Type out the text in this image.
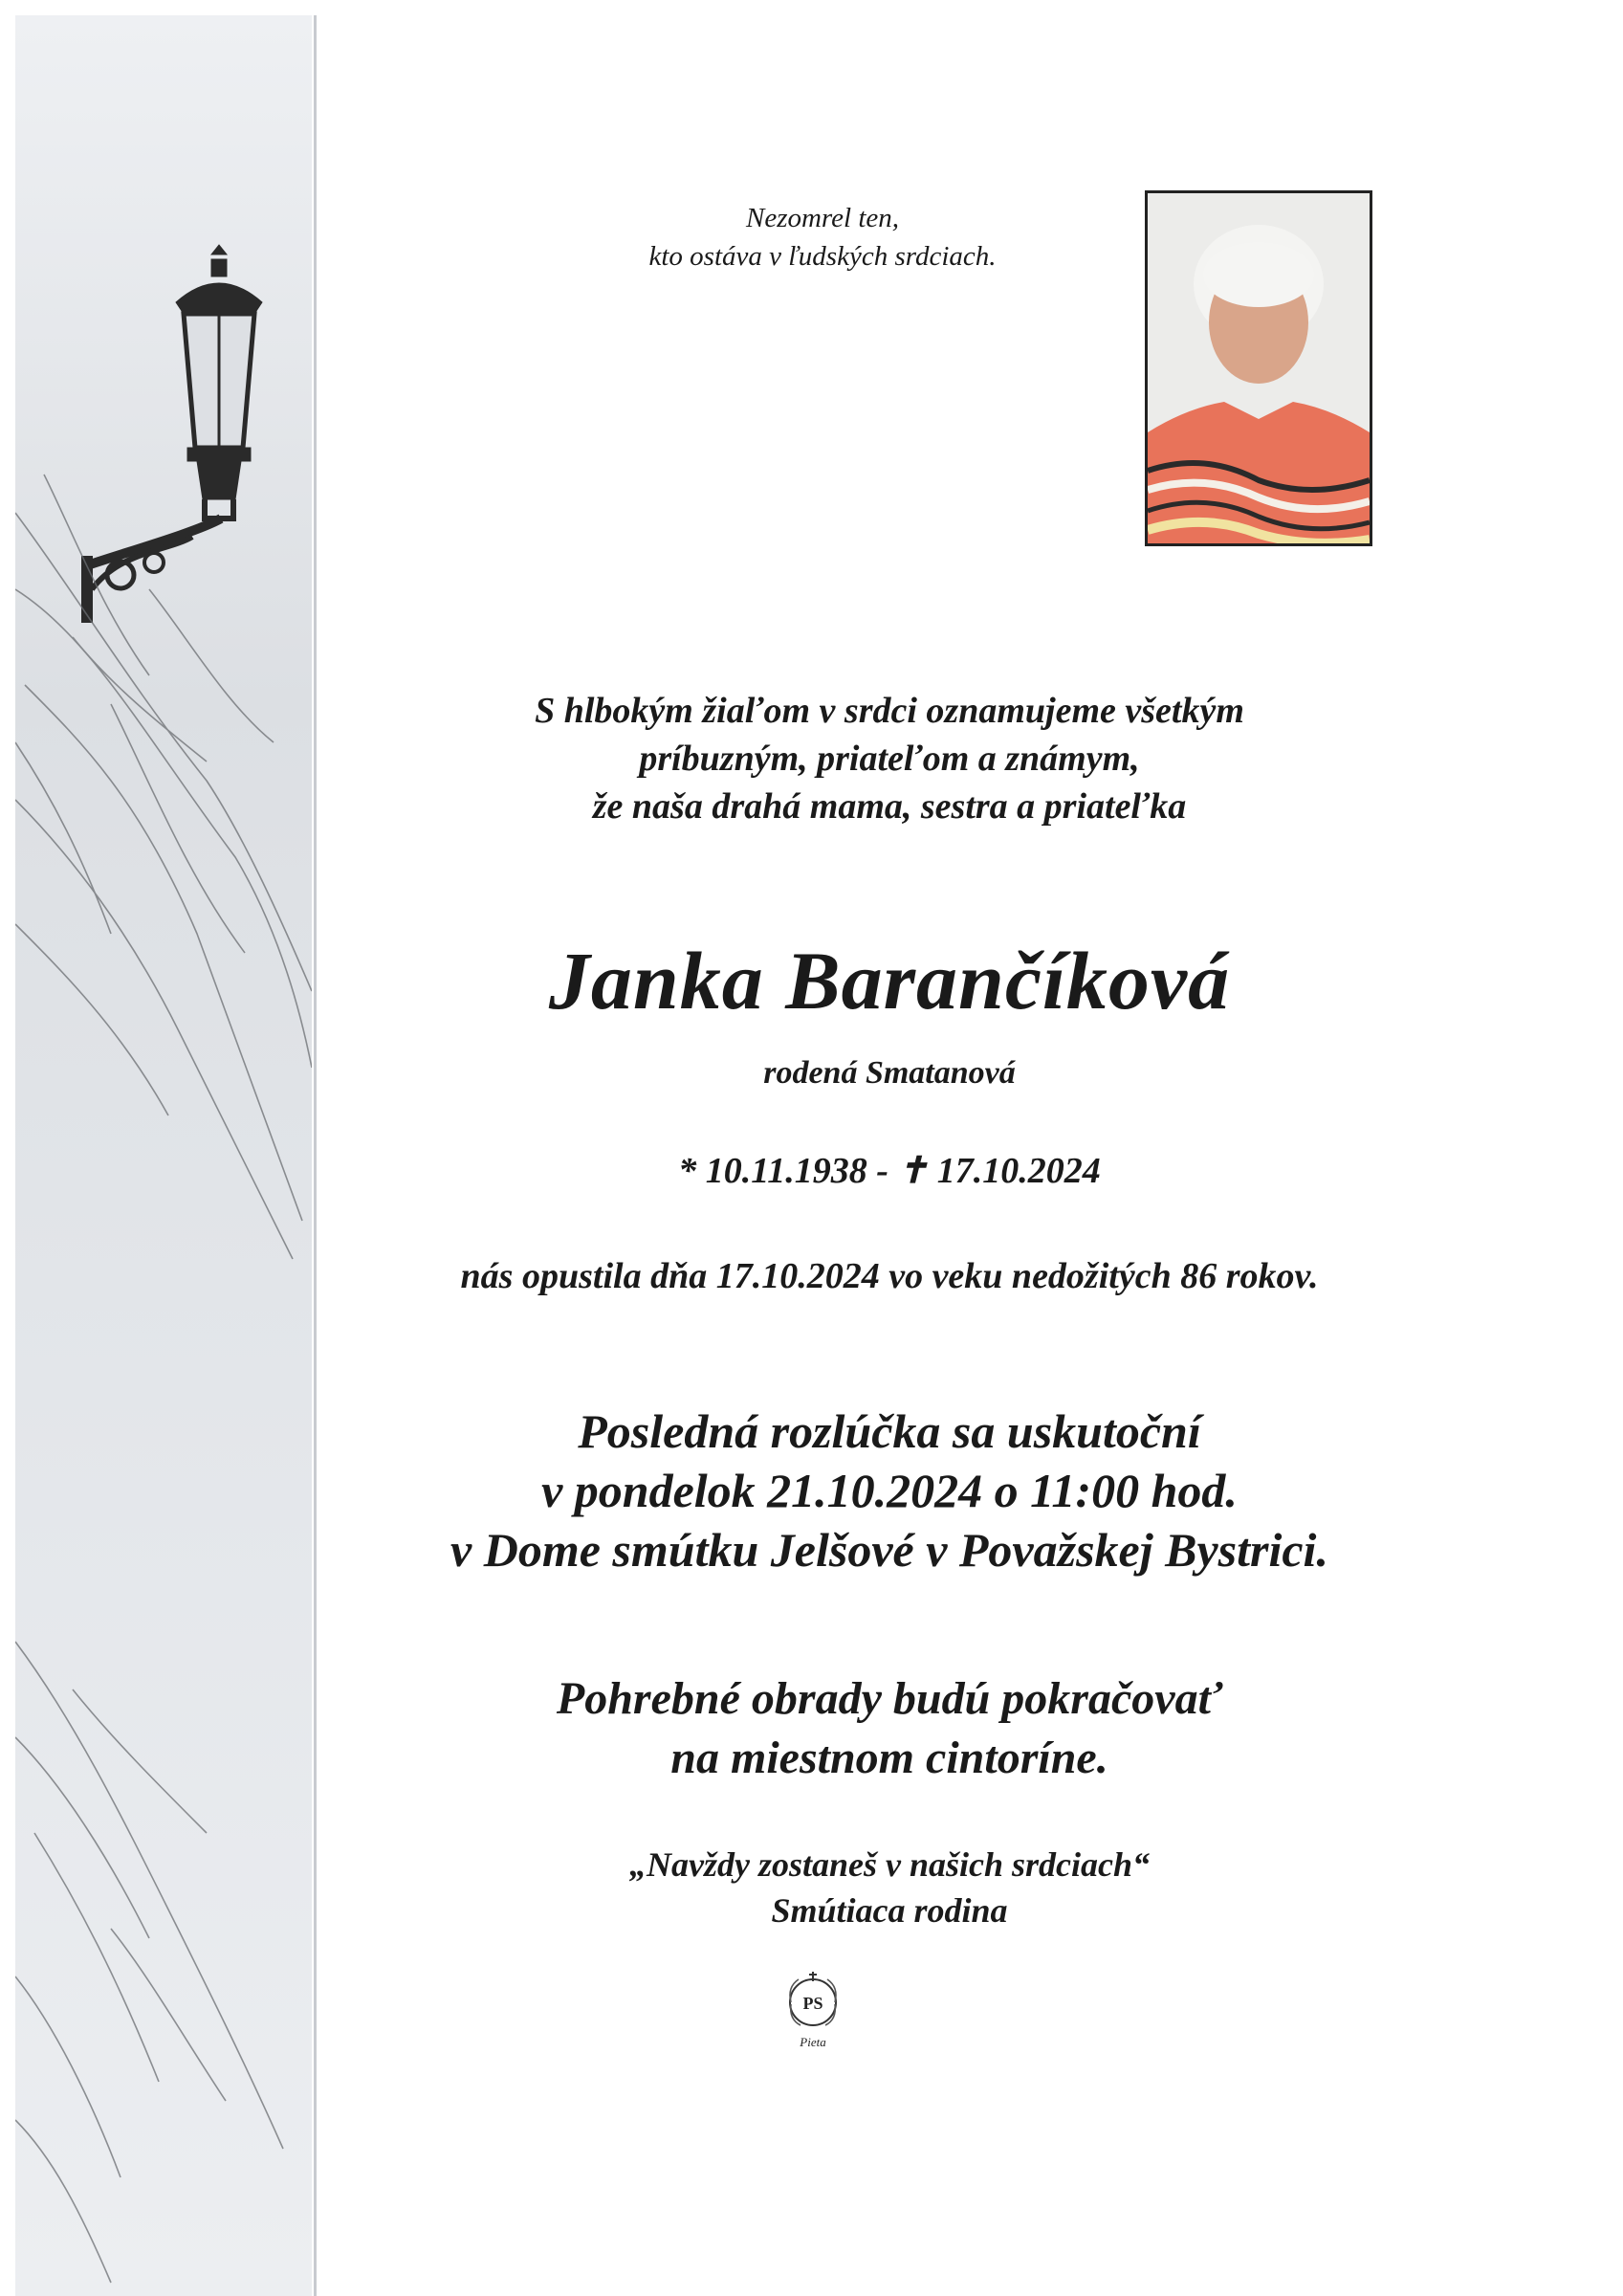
Nezomrel ten,
kto ostáva v ľudských srdciach.
S hlbokým žiaľom v srdci oznamujeme všetkým
príbuzným, priateľom a známym,
že naša drahá mama, sestra a priateľka
Janka Barančíková
rodená Smatanová
* 10.11.1938 - ✝ 17.10.2024
nás opustila dňa 17.10.2024 vo veku nedožitých 86 rokov.
Posledná rozlúčka sa uskutoční
v pondelok 21.10.2024 o 11:00 hod.
v Dome smútku Jelšové v Považskej Bystrici.
Pohrebné obrady budú pokračovať
na miestnom cintoríne.
„Navždy zostaneš v našich srdciach“
Smútiaca rodina
PS
Pieta
